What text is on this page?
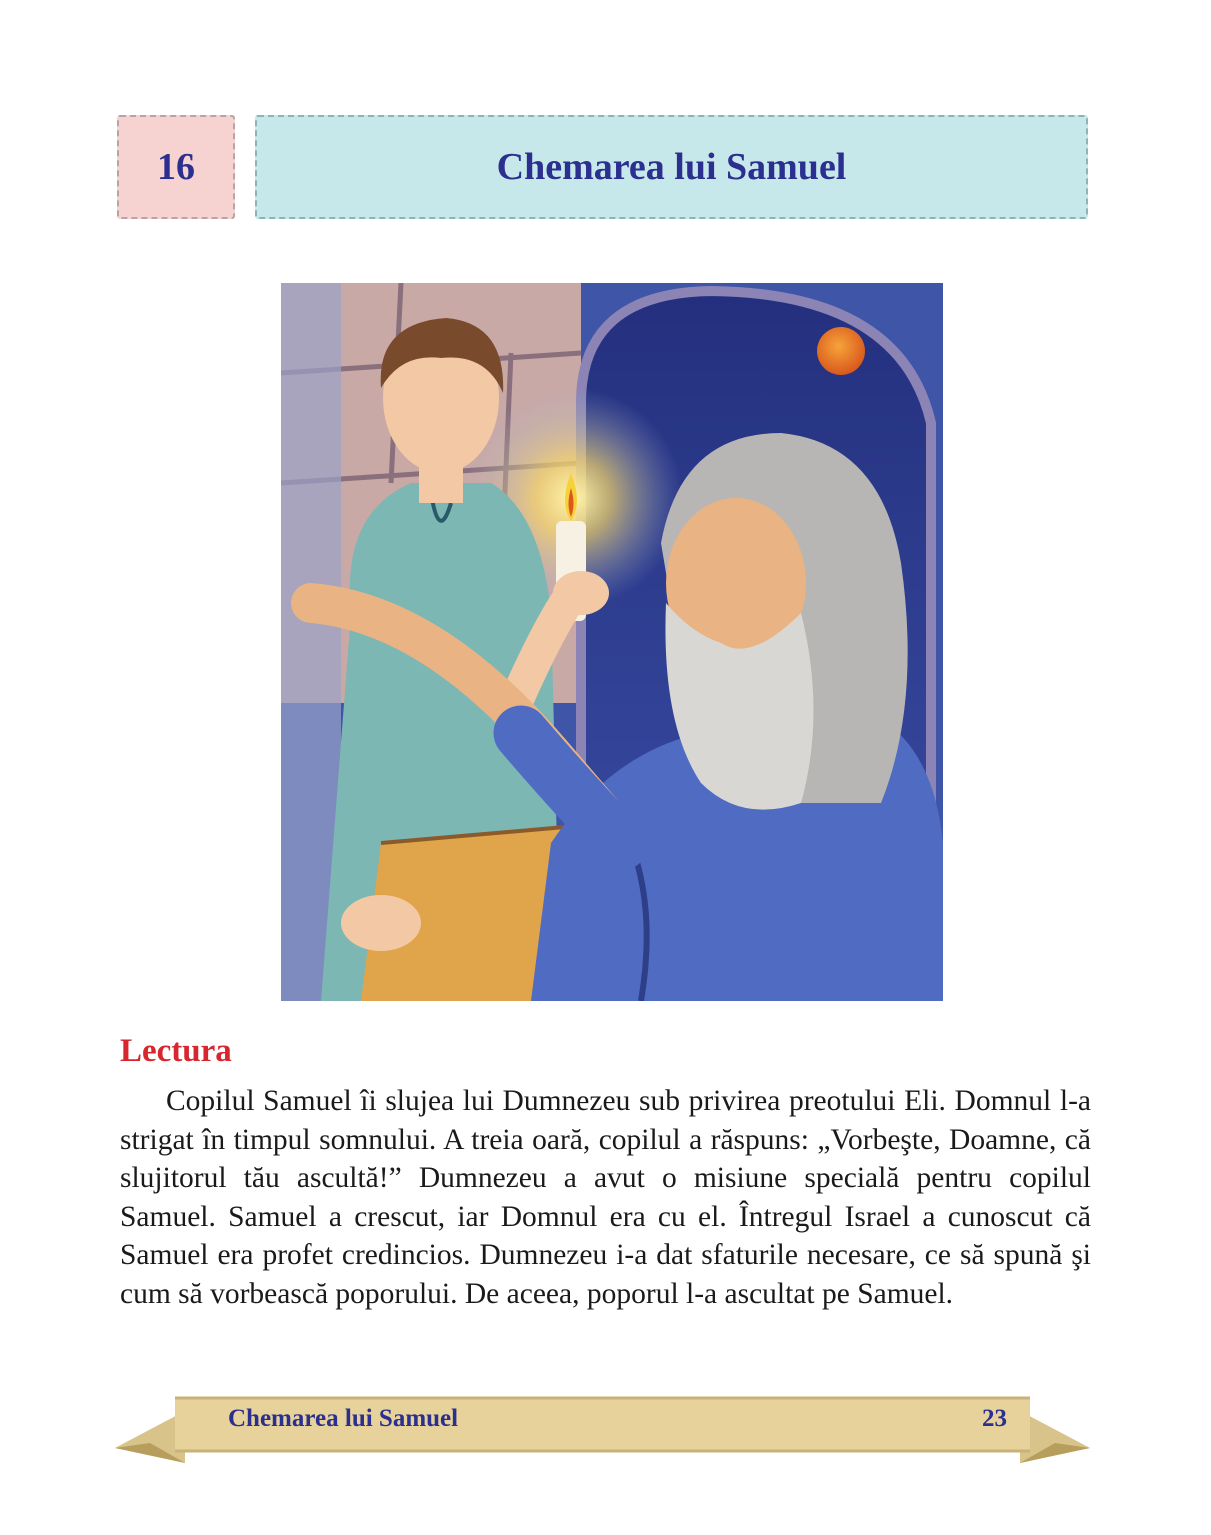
16	Chemarea lui Samuel
Lectura

Copilul Samuel îi slujea lui Dumnezeu sub privirea preotului Eli. Domnul l-a strigat în timpul somnului. A treia oară, copilul a răspuns: „Vorbeşte, Doamne, că slujitorul tău ascultă!” Dumnezeu a avut o misiune specială pentru copilul Samuel. Samuel a crescut, iar Domnul era cu el. Întregul Israel a cunoscut că Samuel era profet credincios. Dumnezeu i-a dat sfaturile necesare, ce să spună şi cum să vorbească poporului. De aceea, poporul l-a ascultat pe Samuel.

Chemarea lui Samuel	23
